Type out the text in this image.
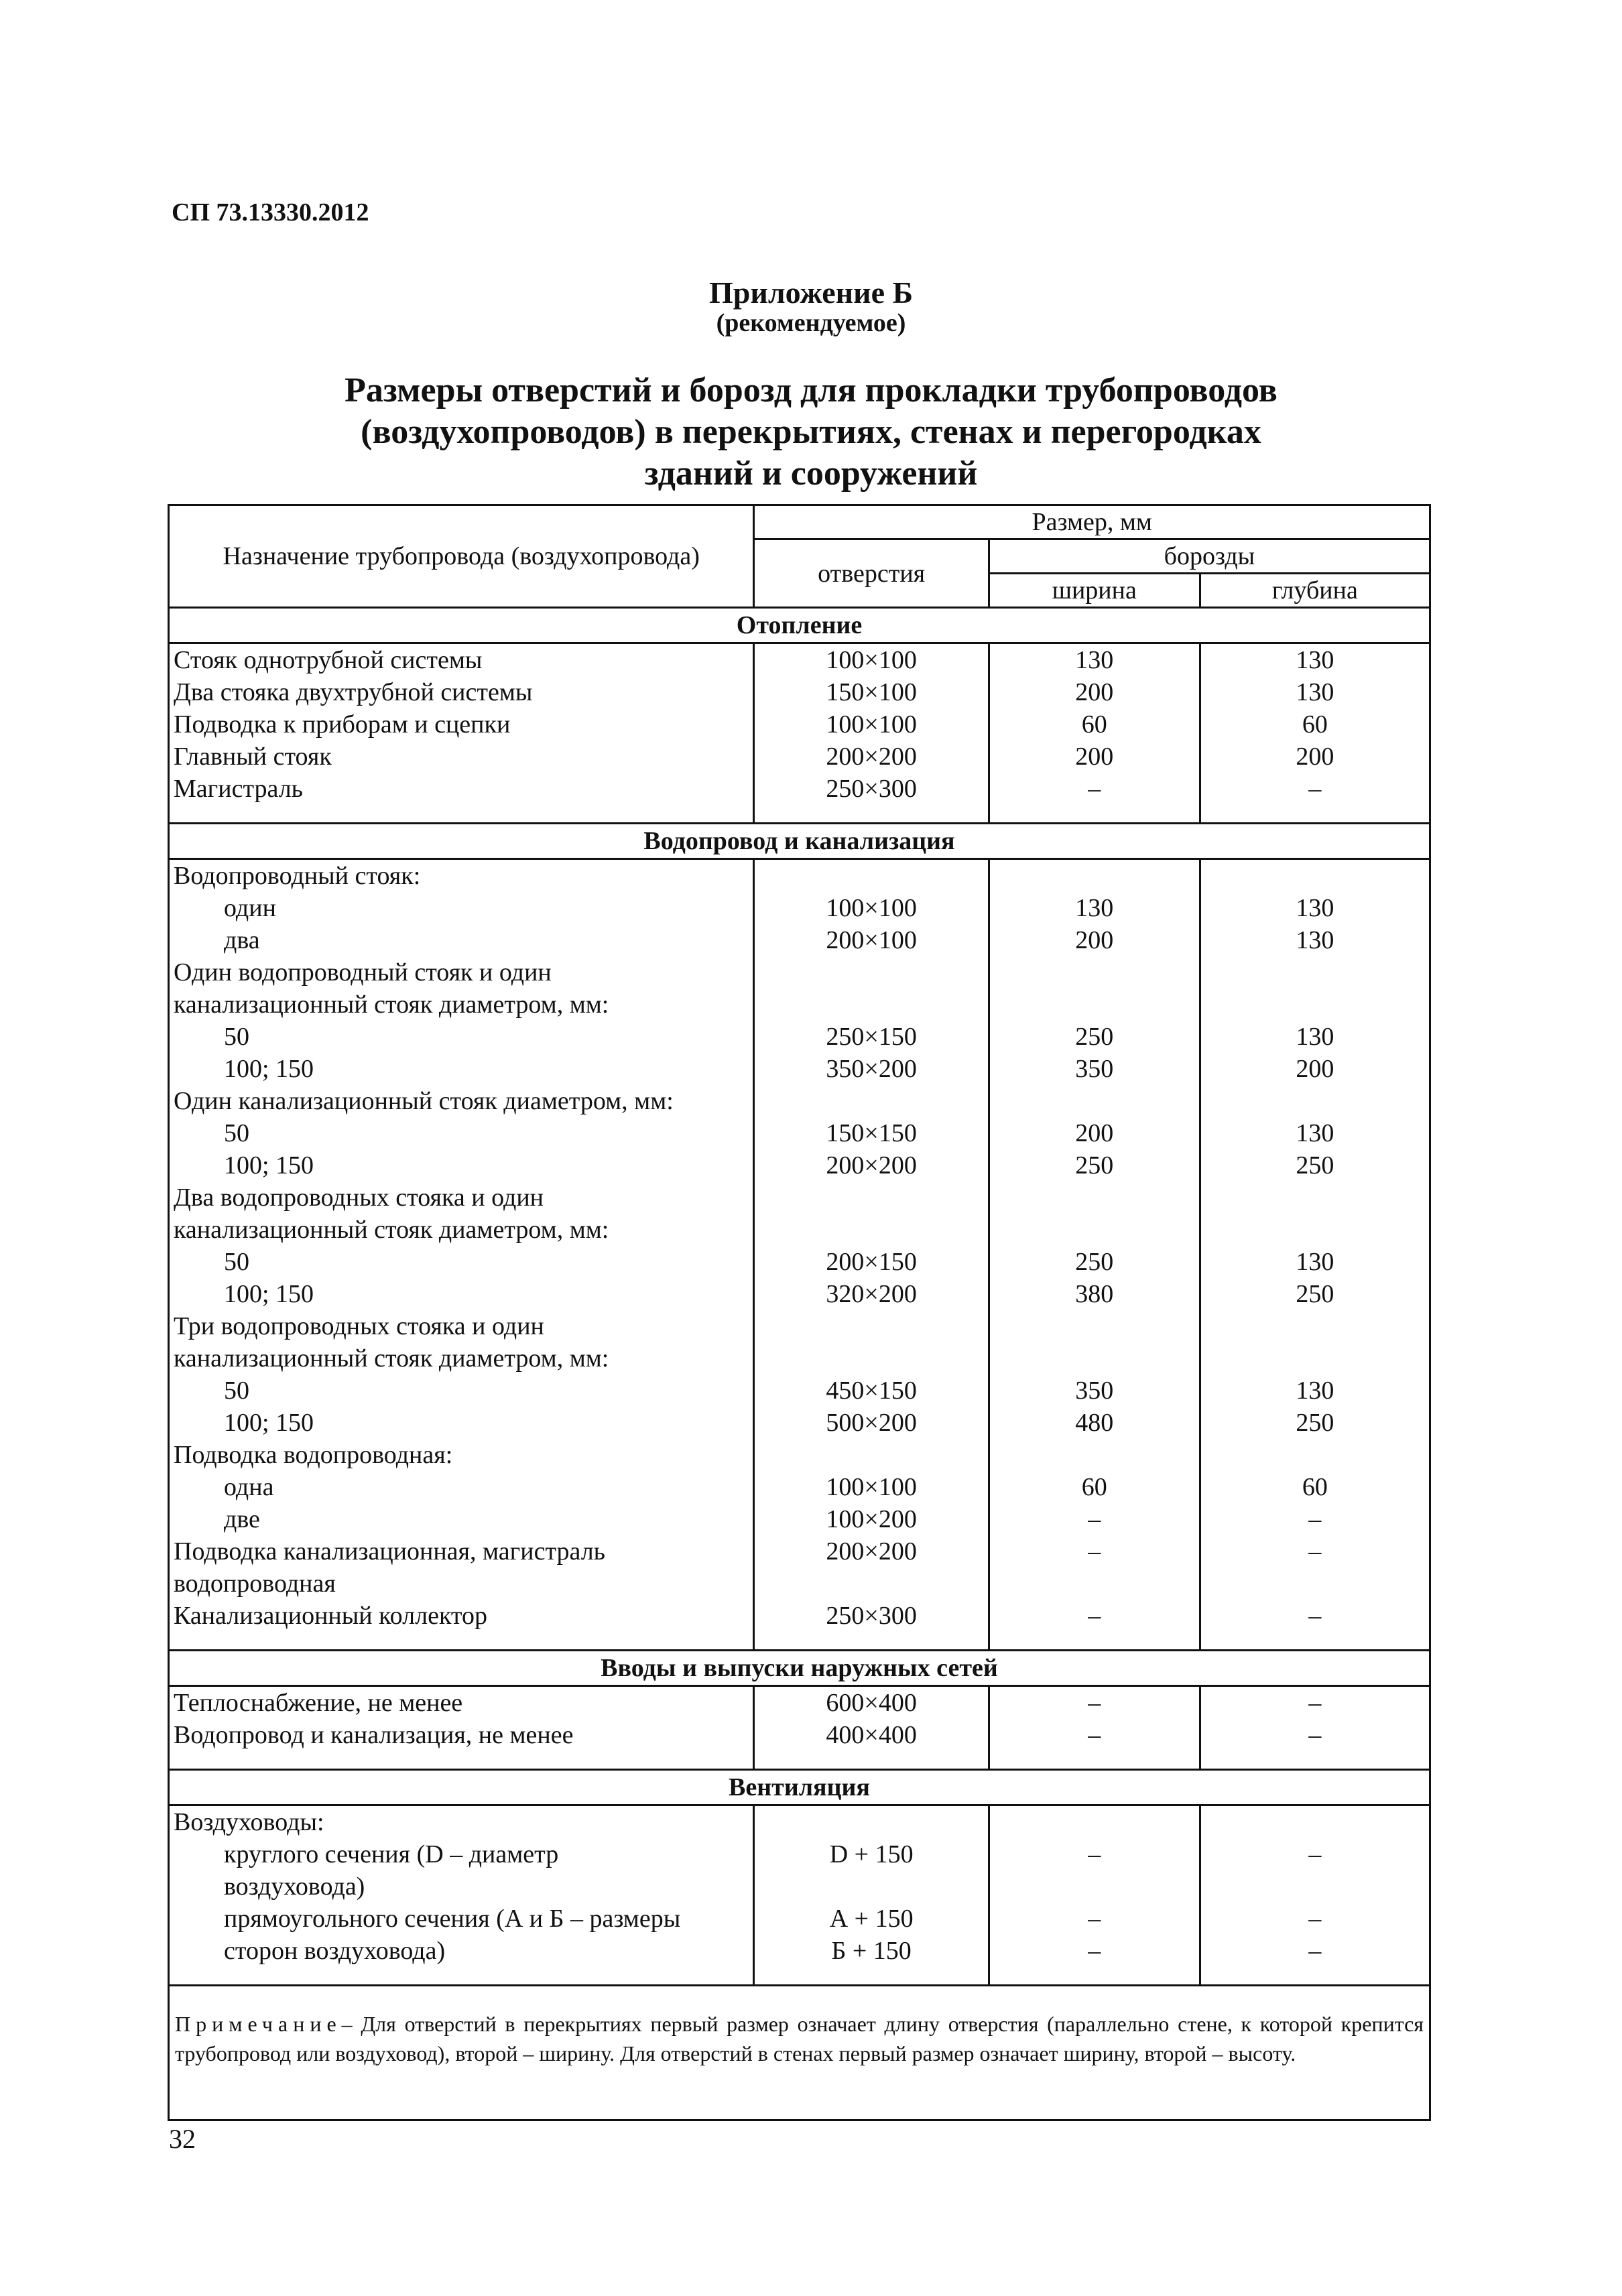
СП 73.13330.2012
Приложение Б
(рекомендуемое)
Размеры отверстий и борозд для прокладки трубопроводов
(воздухопроводов) в перекрытиях, стенах и перегородках
зданий и сооружений
Назначение трубопровода (воздухопровода)	Размер, мм		
	отверстия	борозды	
		ширина	глубина
Отопление			
Стояк однотрубной системы	100×100	130	130
Два стояка двухтрубной системы	150×100	200	130
Подводка к приборам и сцепки	100×100	60	60
Главный стояк	200×200	200	200
Магистраль	250×300	–	–

Водопровод и канализация			
Водопроводный стояк:			

один	100×100	130	130

два	200×100	200	130
Один водопроводный стояк и один			
канализационный стояк диаметром, мм:			

50	250×150	250	130

100; 150	350×200	350	200
Один канализационный стояк диаметром, мм:			

50	150×150	200	130

100; 150	200×200	250	250
Два водопроводных стояка и один			
канализационный стояк диаметром, мм:			

50	200×150	250	130

100; 150	320×200	380	250
Три водопроводных стояка и один			
канализационный стояк диаметром, мм:			

50	450×150	350	130

100; 150	500×200	480	250
Подводка водопроводная:			

одна	100×100	60	60

две	100×200	–	–
Подводка канализационная, магистраль	200×200	–	–
водопроводная			
Канализационный коллектор	250×300	–	–

Вводы и выпуски наружных сетей			
Теплоснабжение, не менее	600×400	–	–
Водопровод и канализация, не менее	400×400	–	–

Вентиляция			
Воздуховоды:			

круглого сечения (D – диаметр	D + 150	–	–

воздуховода)			

прямоугольного сечения (А и Б – размеры	А + 150	–	–

сторон воздуховода)	Б + 150	–	–

Примечание– Для отверстий в перекрытиях первый размер означает длину отверстия (параллельно стене, к которой крепится трубопровод или воздуховод), второй – ширину. Для отверстий в стенах первый размер означает ширину, второй – высоту.			
32
